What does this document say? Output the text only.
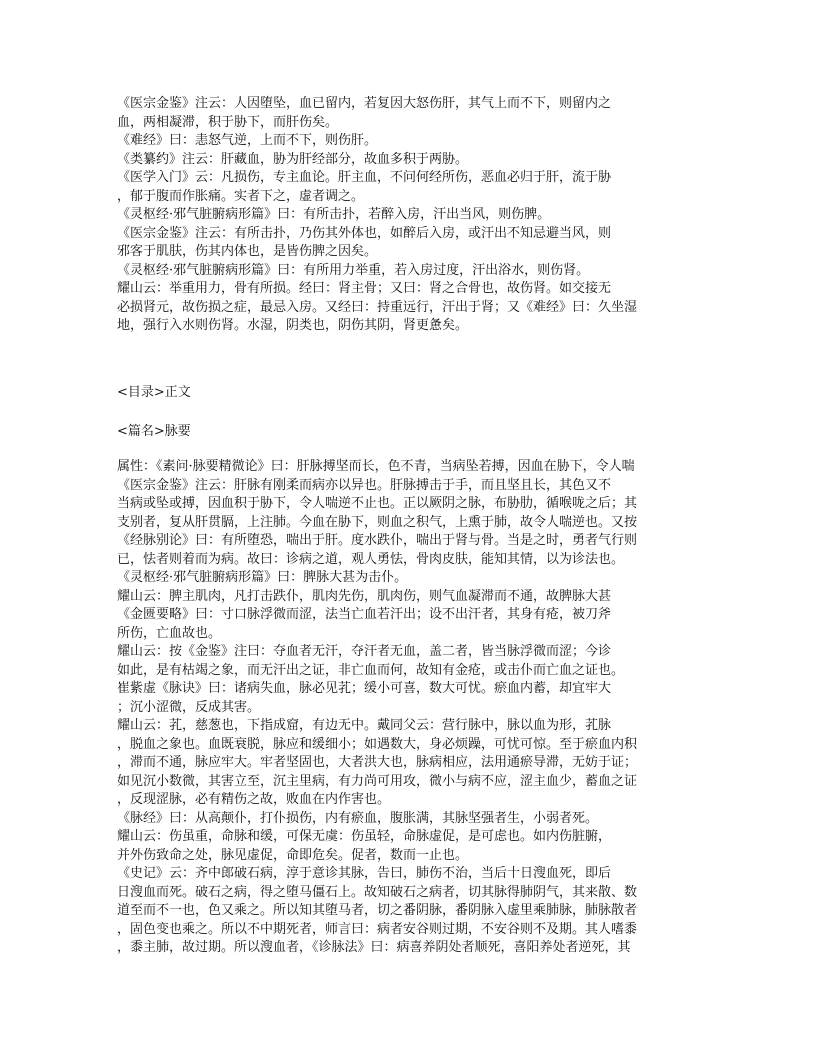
《医宗金鉴》注云：人因堕坠，血已留内，若复因大怒伤肝，其气上而不下，则留内之
血，两相凝滞，积于胁下，而肝伤矣。
《难经》曰：恚怒气逆，上而不下，则伤肝。
《类纂约》注云：肝藏血，胁为肝经部分，故血多积于两胁。
《医学入门》云：凡损伤，专主血论。肝主血，不问何经所伤，恶血必归于肝，流于胁
，郁于腹而作胀痛。实者下之，虚者调之。
《灵枢经·邪气脏腑病形篇》曰：有所击扑，若醉入房，汗出当风，则伤脾。
《医宗金鉴》注云：有所击扑，乃伤其外体也，如醉后入房，或汗出不知忌避当风，则
邪客于肌肤，伤其内体也，是皆伤脾之因矣。
《灵枢经·邪气脏腑病形篇》曰：有所用力举重，若入房过度，汗出浴水，则伤肾。
耀山云：举重用力，骨有所损。经曰：肾主骨；又曰：肾之合骨也，故伤肾。如交接无
必损肾元，故伤损之症，最忌入房。又经曰：持重远行，汗出于肾；又《难经》曰：久坐湿
地，强行入水则伤肾。水湿，阴类也，阴伤其阴，肾更惫矣。
<目录>正文
<篇名>脉要
属性：《素问·脉要精微论》曰：肝脉搏坚而长，色不青，当病坠若搏，因血在胁下，令人喘
《医宗金鉴》注云：肝脉有刚柔而病亦以异也。肝脉搏击于手，而且坚且长，其色又不
当病或坠或搏，因血积于胁下，令人喘逆不止也。正以厥阴之脉，布胁肋，循喉咙之后；其
支别者，复从肝贯膈，上注肺。今血在胁下，则血之积气，上熏于肺，故令人喘逆也。又按
《经脉别论》曰：有所堕恐，喘出于肝。度水跌仆，喘出于肾与骨。当是之时，勇者气行则
已，怯者则着而为病。故曰：诊病之道，观人勇怯，骨肉皮肤，能知其情，以为诊法也。
《灵枢经·邪气脏腑病形篇》曰：脾脉大甚为击仆。
耀山云：脾主肌肉，凡打击跌仆，肌肉先伤，肌肉伤，则气血凝滞而不通，故脾脉大甚
《金匮要略》曰：寸口脉浮微而涩，法当亡血若汗出；设不出汗者，其身有疮，被刀斧
所伤，亡血故也。
耀山云：按《金鉴》注曰：夺血者无汗，夺汗者无血，盖二者，皆当脉浮微而涩；今诊
如此，是有枯竭之象，而无汗出之证，非亡血而何，故知有金疮，或击仆而亡血之证也。
崔紫虚《脉诀》曰：诸病失血，脉必见芤；缓小可喜，数大可忧。瘀血内蓄，却宜牢大
；沉小涩微，反成其害。
耀山云：芤，慈葱也，下指成窟，有边无中。戴同父云：营行脉中，脉以血为形，芤脉
，脱血之象也。血既衰脱，脉应和缓细小；如遇数大，身必烦躁，可忧可惊。至于瘀血内积
，滞而不通，脉应牢大。牢者坚固也，大者洪大也，脉病相应，法用通瘀导滞，无妨于证；
如见沉小数微，其害立至，沉主里病，有力尚可用攻，微小与病不应，涩主血少，蓄血之证
，反现涩脉，必有精伤之故，败血在内作害也。
《脉经》曰：从高颠仆，打仆损伤，内有瘀血，腹胀满，其脉坚强者生，小弱者死。
耀山云：伤虽重，命脉和缓，可保无虞：伤虽轻，命脉虚促，是可虑也。如内伤脏腑，
并外伤致命之处，脉见虚促，命即危矣。促者，数而一止也。
《史记》云：齐中郎破石病，淳于意诊其脉，告曰，肺伤不治，当后十日溲血死，即后
日溲血而死。破石之病，得之堕马僵石上。故知破石之病者，切其脉得肺阴气，其来散、数
道至而不一也，色又乘之。所以知其堕马者，切之番阴脉，番阴脉入虚里乘肺脉，肺脉散者
，固色变也乘之。所以不中期死者，师言曰：病者安谷则过期，不安谷则不及期。其人嗜黍
，黍主肺，故过期。所以溲血者，《诊脉法》曰：病喜养阴处者顺死，喜阳养处者逆死，其
